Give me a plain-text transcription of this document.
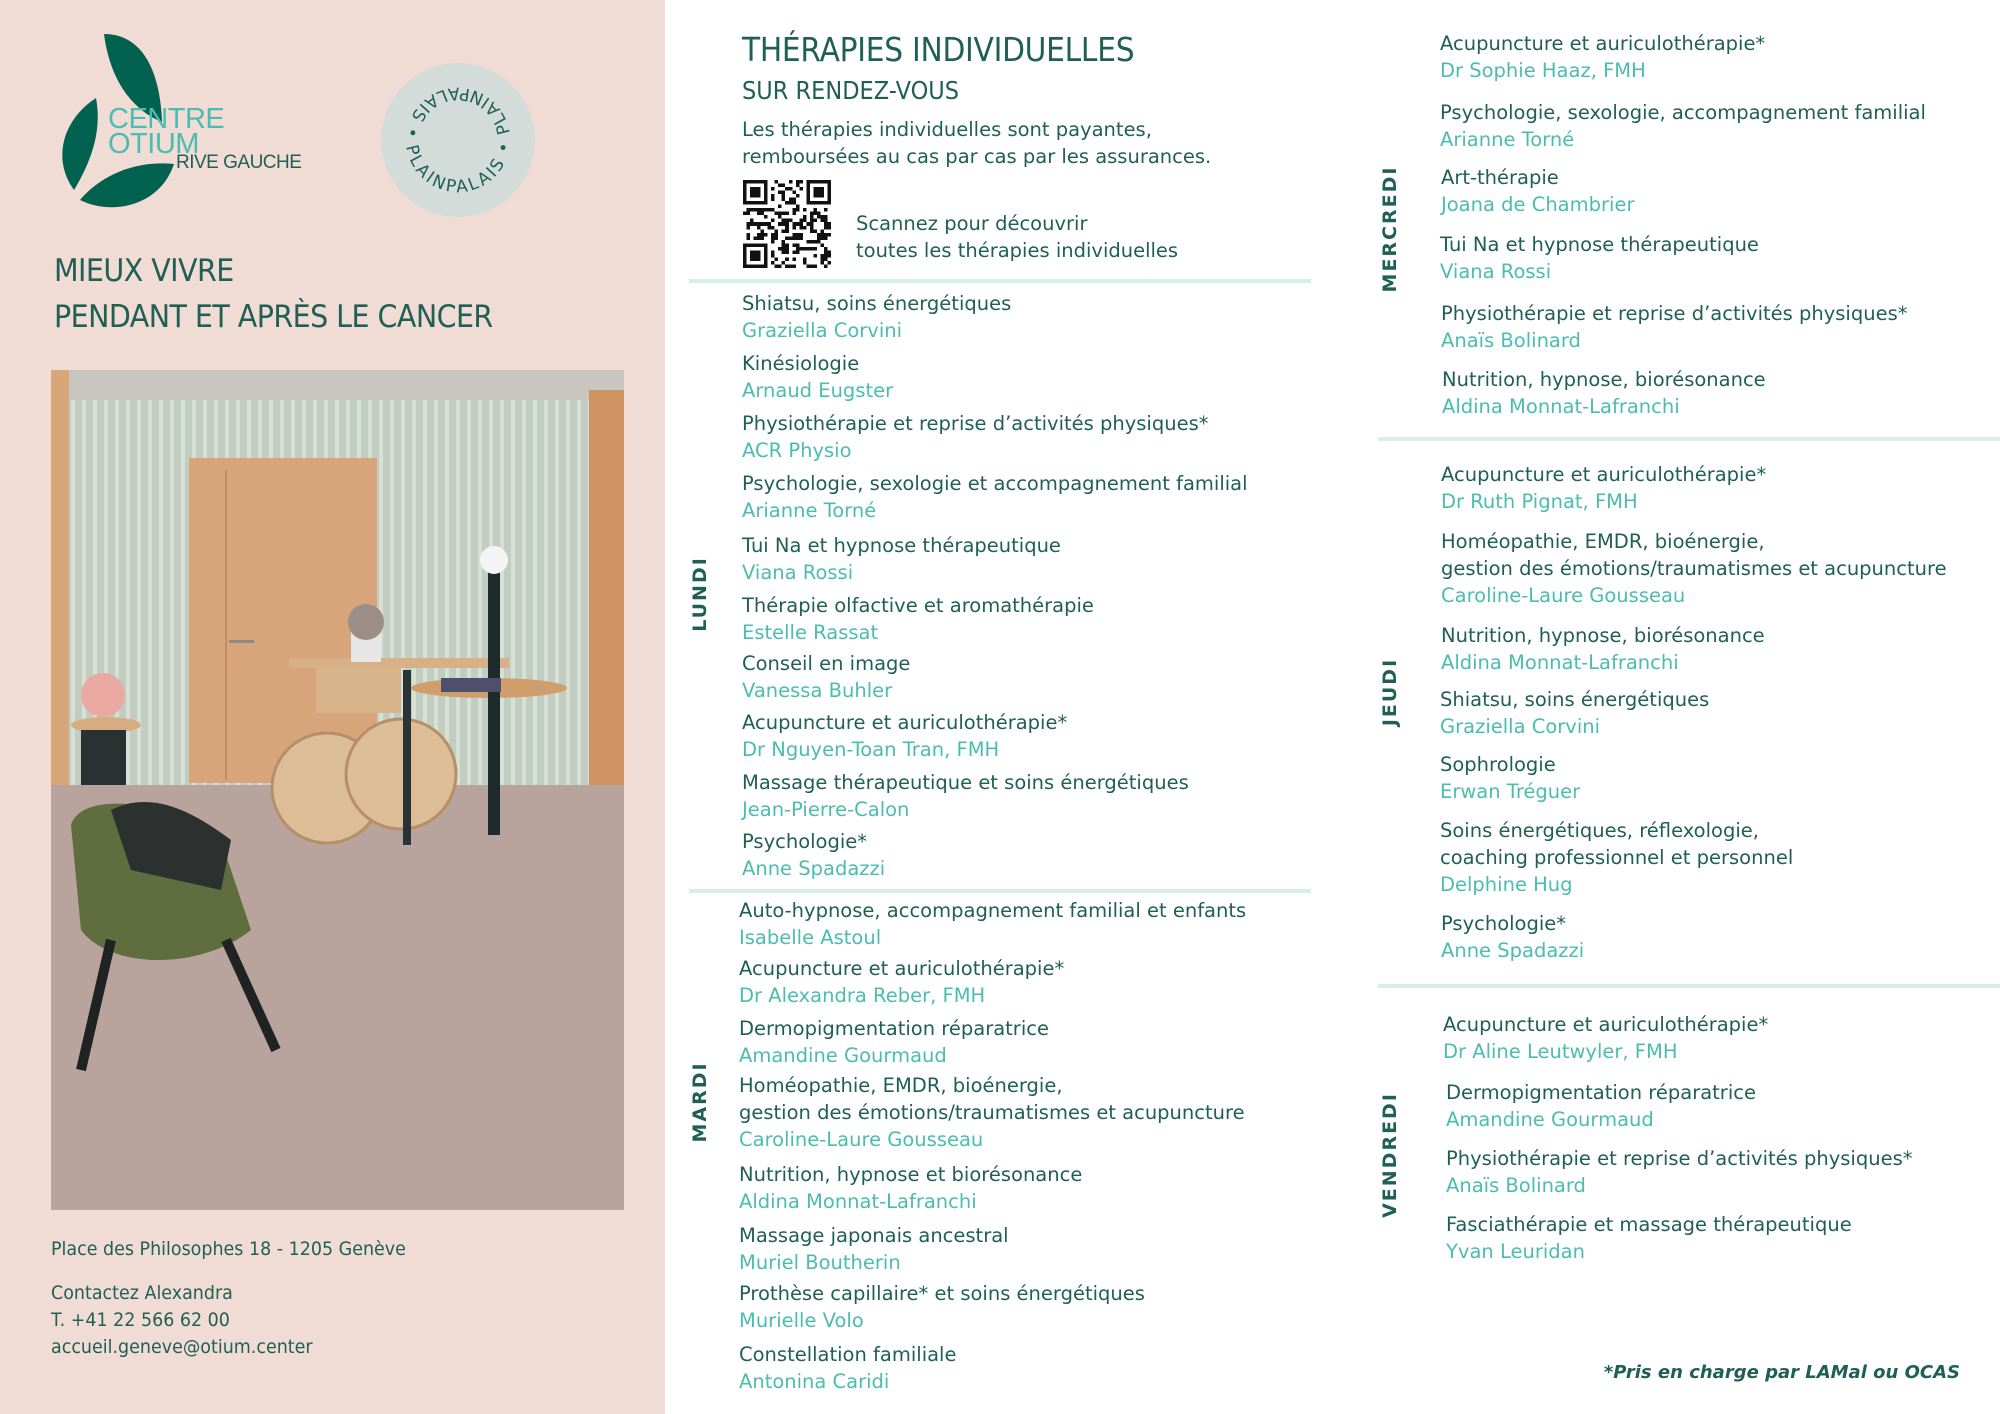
CENTRE
OTIUM
RIVE GAUCHE
PLAINPALAIS • PLAINPALAIS •
MIEUX VIVRE
PENDANT ET APRÈS LE CANCER
Place des Philosophes 18 - 1205 Genève
Contactez Alexandra
T. +41 22 566 62 00
accueil.geneve@otium.center
THÉRAPIES INDIVIDUELLES
SUR RENDEZ-VOUS
Les thérapies individuelles sont payantes,
remboursées au cas par cas par les assurances.
Scannez pour découvrir
toutes les thérapies individuelles
LUNDI
MARDI
MERCREDI
JEUDI
VENDREDI
Shiatsu, soins énergétiques
Graziella Corvini
Kinésiologie
Arnaud Eugster
Physiothérapie et reprise d’activités physiques*
ACR Physio
Psychologie, sexologie et accompagnement familial
Arianne Torné
Tui Na et hypnose thérapeutique
Viana Rossi
Thérapie olfactive et aromathérapie
Estelle Rassat
Conseil en image
Vanessa Buhler
Acupuncture et auriculothérapie*
Dr Nguyen-Toan Tran, FMH
Massage thérapeutique et soins énergétiques
Jean-Pierre-Calon
Psychologie*
Anne Spadazzi
Auto-hypnose, accompagnement familial et enfants
Isabelle Astoul
Acupuncture et auriculothérapie*
Dr Alexandra Reber, FMH
Dermopigmentation réparatrice
Amandine Gourmaud
Homéopathie, EMDR, bioénergie,
gestion des émotions/traumatismes et acupuncture
Caroline-Laure Gousseau
Nutrition, hypnose et biorésonance
Aldina Monnat-Lafranchi
Massage japonais ancestral
Muriel Boutherin
Prothèse capillaire* et soins énergétiques
Murielle Volo
Constellation familiale
Antonina Caridi
Acupuncture et auriculothérapie*
Dr Sophie Haaz, FMH
Psychologie, sexologie, accompagnement familial
Arianne Torné
Art-thérapie
Joana de Chambrier
Tui Na et hypnose thérapeutique
Viana Rossi
Physiothérapie et reprise d’activités physiques*
Anaïs Bolinard
Nutrition, hypnose, biorésonance
Aldina Monnat-Lafranchi
Acupuncture et auriculothérapie*
Dr Ruth Pignat, FMH
Homéopathie, EMDR, bioénergie,
gestion des émotions/traumatismes et acupuncture
Caroline-Laure Gousseau
Nutrition, hypnose, biorésonance
Aldina Monnat-Lafranchi
Shiatsu, soins énergétiques
Graziella Corvini
Sophrologie
Erwan Tréguer
Soins énergétiques, réflexologie,
coaching professionnel et personnel
Delphine Hug
Psychologie*
Anne Spadazzi
Acupuncture et auriculothérapie*
Dr Aline Leutwyler, FMH
Dermopigmentation réparatrice
Amandine Gourmaud
Physiothérapie et reprise d’activités physiques*
Anaïs Bolinard
Fasciathérapie et massage thérapeutique
Yvan Leuridan
*Pris en charge par LAMal ou OCAS
